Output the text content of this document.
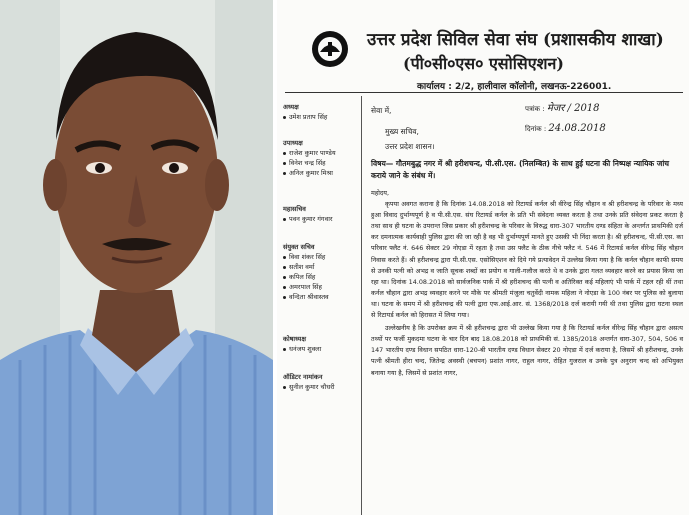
उत्तर प्रदेश सिविल सेवा संघ (प्रशासकीय शाखा)
(पी०सी०एस० एसोसिएशन)
कार्यालय : 2/2, हालीवाल कॉलोनी, लखनऊ-226001.
अध्यक्ष
उमेश प्रताप सिंह
उपाध्यक्ष
राजेश कुमार पाण्डेय
विनेश चन्द्र सिंह
अनिल कुमार मिश्रा
महासचिव
पवन कुमार गंगवार
संयुक्त सचिव
विवा शंकर सिंह
सतीश वर्मा
कपिल सिंह
अमरपाल सिंह
वन्दिता श्रीवास्तव
कोषाध्यक्ष
धनंजय शुक्ला
ऑडिटर नामांकन
सुनील कुमार चौधरी
पत्रांक : मेजर / 2018
दिनांक : 24.08.2018
सेवा में,
मुख्य सचिव,
उत्तर प्रदेश शासन।
विषय— गौतमबुद्ध नगर में श्री हरीशचन्द, पी.सी.एस. (निलम्बित) के साथ हुई घटना की निष्पक्ष न्यायिक जांच कराये जाने के संबंध में।

महोदय,

कृपया अवगत कराना है कि दिनांक 14.08.2018 को रिटायर्ड कर्नल श्री वीरेन्द्र सिंह चौहान व श्री हरीशचन्द्र के परिवार के मध्य हुआ विवाद दुर्भाग्यपूर्ण है व पी.सी.एस. संघ रिटायर्ड कर्नल के प्रति भी संवेदना व्यक्त करता है तथा उनके प्रति संवेदना प्रकट करता है तथा साथ ही घटना के उपरान्त जिस प्रकार श्री हरीशचन्द्र के परिवार के विरुद्ध धारा-307 भारतीय दण्ड संहिता के अन्तर्गत प्राथमिकी दर्ज कर दमनात्मक कार्यवाही पुलिस द्वारा की जा रही है वह भी दुर्भाग्यपूर्ण मानते हुए उसकी भी निंदा करता है। श्री हरीशचन्द, पी.सी.एस. का परिवार फ्लैट नं. 646 सेक्टर 29 नोएडा में रहता है तथा उस फ्लैट के ठीक नीचे फ्लैट नं. 546 में रिटायर्ड कर्नल वीरेन्द्र सिंह चौहान निवास करते हैं। श्री हरीशचन्द्र द्वारा पी.सी.एस. एसोसिएशन को दिये गये प्रत्यावेदन में उल्लेख किया गया है कि कर्नल चौहान काफी समय से उनकी पत्नी को अभद्र व जाति सूचक शब्दों का प्रयोग व गाली-गलौज करते थे व उनके द्वारा गलत व्यवहार करने का प्रयास किया जा रहा था। दिनांक 14.08.2018 को सार्वजनिक पार्क में श्री हरीशचन्द की पत्नी व अतिरिक्त कई महिलाएं भी पार्क में टहल रही थीं तथा कर्नल चौहान द्वारा अभद्र व्यवहार करने पर मौके पर श्रीमती मंजुला चतुर्वेदी नामक महिला ने नोएडा के 100 नंबर पर पुलिस को बुलाया था। घटना के समय में श्री हरीशचन्द्र की पत्नी द्वारा एफ.आई.आर. सं. 1368/2018 दर्ज करायी गयी थी तथा पुलिस द्वारा घटना स्थल से रिटायर्ड कर्नल को हिरासत में लिया गया।

उल्लेखनीय है कि उपरोक्त क्रम में श्री हरीशचन्द्र द्वारा भी उल्लेख किया गया है कि रिटायर्ड कर्नल वीरेन्द्र सिंह चौहान द्वारा असत्य तथ्यों पर फर्जी मुकदमा घटना के चार दिन बाद 18.08.2018 को प्राथमिकी सं. 1385/2018 अन्तर्गत धारा-307, 504, 506 व 147 भारतीय दण्ड विधान सपठित धारा-120-बी भारतीय दण्ड विधान सेक्टर 20 नोएडा में दर्ज कराया है, जिसमें श्री हरीशचन्द्र, उनके पत्नी श्रीमती हीरा चन्द, जितेन्द्र अवस्थी (बचपन) प्रशांत नागर, राहुल नागर, रोहित गुजराल व उनके पुत्र अनुराग चन्द को अभियुक्त बनाया गया है, जिसमें से प्रशांत नागर,
